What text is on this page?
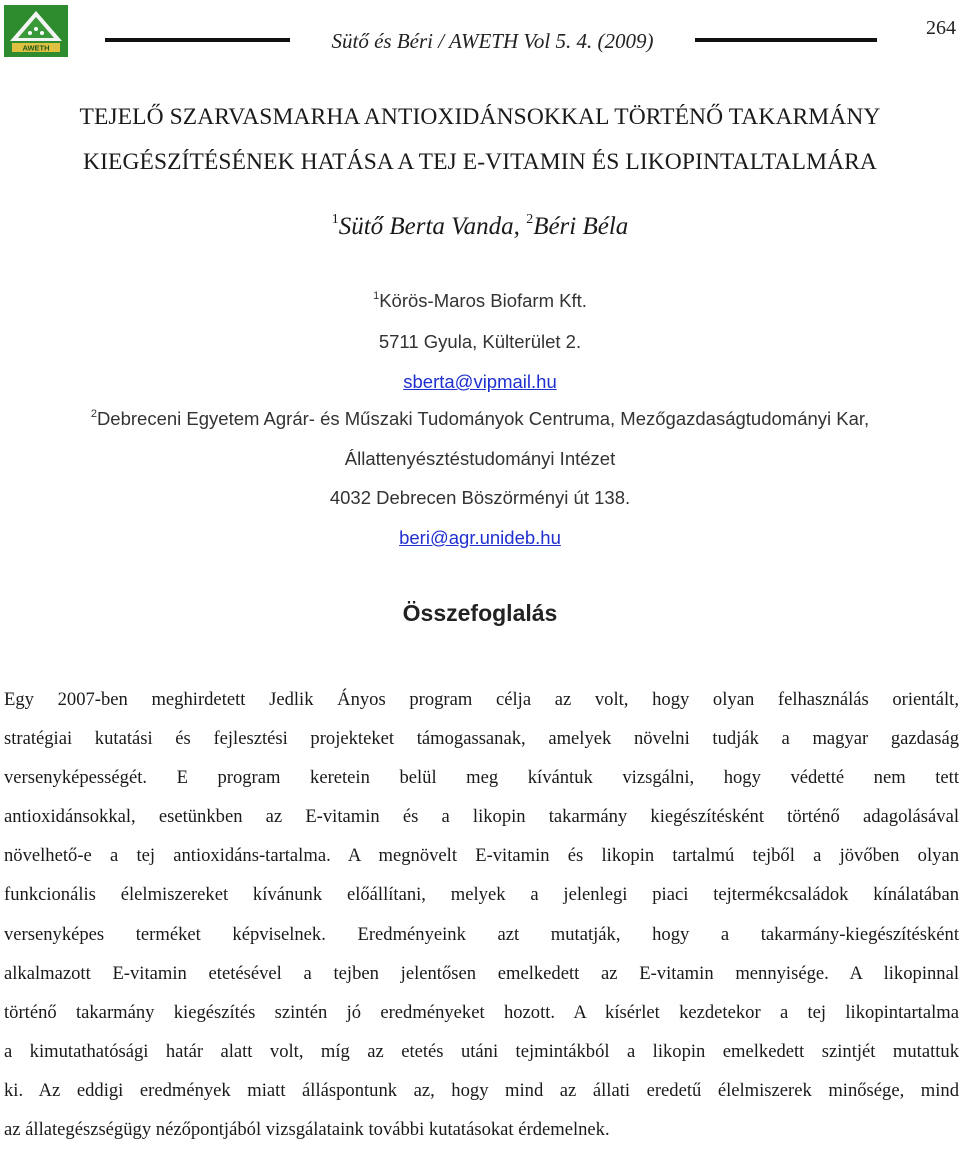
AWETH	Sütő és Béri / AWETH Vol 5. 4. (2009)
264
TEJELŐ SZARVASMARHA ANTIOXIDÁNSOKKAL TÖRTÉNŐ TAKARMÁNY
KIEGÉSZÍTÉSÉNEK HATÁSA A TEJ E-VITAMIN ÉS LIKOPINTALTALMÁRA
$^1$Sütő Berta Vanda, $^2$Béri Béla
$^1$Körös-Maros Biofarm Kft.
5711 Gyula, Külterület 2.
sberta@vipmail.hu
$^2$Debreceni Egyetem Agrár- és Műszaki Tudományok Centruma, Mezőgazdaságtudományi Kar,
Állattenyésztéstudományi Intézet
4032 Debrecen Böszörményi út 138.
beri@agr.unideb.hu
Összefoglalás
Egy 2007-ben meghirdetett Jedlik Ányos program célja az volt, hogy olyan felhasználás orientált,
stratégiai kutatási és fejlesztési projekteket támogassanak, amelyek növelni tudják a magyar gazdaság
versenyképességét. E program keretein belül meg kívántuk vizsgálni, hogy védetté nem tett
antioxidánsokkal, esetünkben az E-vitamin és a likopin takarmány kiegészítésként történő adagolásával
növelhető-e a tej antioxidáns-tartalma. A megnövelt E-vitamin és likopin tartalmú tejből a jövőben olyan
funkcionális élelmiszereket kívánunk előállítani, melyek a jelenlegi piaci tejtermékcsaládok kínálatában
versenyképes terméket képviselnek. Eredményeink azt mutatják, hogy a takarmány-kiegészítésként
alkalmazott E-vitamin etetésével a tejben jelentősen emelkedett az E-vitamin mennyisége. A likopinnal
történő takarmány kiegészítés szintén jó eredményeket hozott. A kísérlet kezdetekor a tej likopintartalma
a kimutathatósági határ alatt volt, míg az etetés utáni tejmintákból a likopin emelkedett szintjét mutattuk
ki. Az eddigi eredmények miatt álláspontunk az, hogy mind az állati eredetű élelmiszerek minősége, mind
az állategészségügy nézőpontjából vizsgálataink további kutatásokat érdemelnek.
